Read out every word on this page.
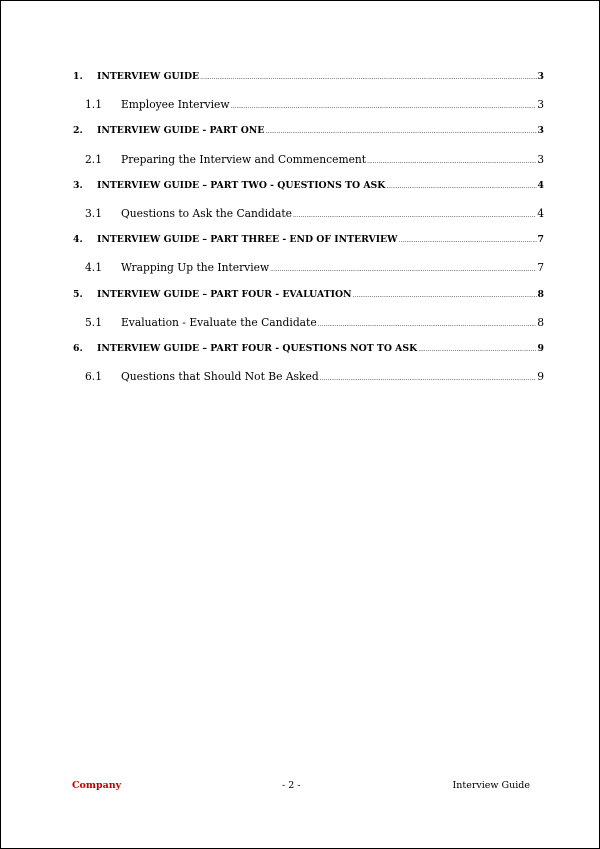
1.	INTERVIEW GUIDE .....	3
1.1	Employee Interview .....	3
2.	INTERVIEW GUIDE - PART ONE .....	3
2.1	Preparing the Interview and Commencement .....	3
3.	INTERVIEW GUIDE – PART TWO - QUESTIONS TO ASK .....	4
3.1	Questions to Ask the Candidate .....	4
4.	INTERVIEW GUIDE – PART THREE - END OF INTERVIEW .....	7
4.1	Wrapping Up the Interview .....	7
5.	INTERVIEW GUIDE – PART FOUR - EVALUATION .....	8
5.1	Evaluation - Evaluate the Candidate .....	8
6.	INTERVIEW GUIDE – PART FOUR - QUESTIONS NOT TO ASK .....	9
6.1	Questions that Should Not Be Asked .....	9
Company	- 2 -	Interview Guide
